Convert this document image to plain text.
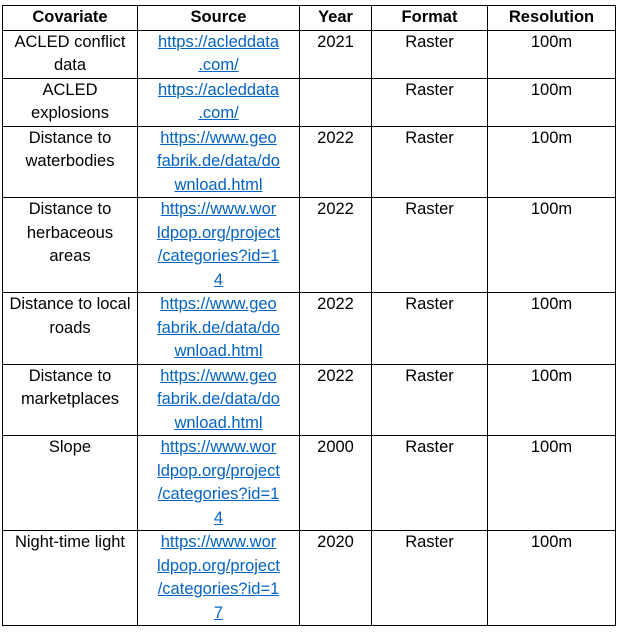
Covariate	Source	Year	Format	Resolution
ACLED conflict data	https://acleddata
.com/	2021	Raster	100m
ACLED explosions	https://acleddata
.com/		Raster	100m
Distance to waterbodies	https://www.geo
fabrik.de/data/do
wnload.html	2022	Raster	100m
Distance to herbaceous areas	https://www.wor
ldpop.org/project
/categories?id=1
4	2022	Raster	100m
Distance to local roads	https://www.geo
fabrik.de/data/do
wnload.html	2022	Raster	100m
Distance to marketplaces	https://www.geo
fabrik.de/data/do
wnload.html	2022	Raster	100m
Slope	https://www.wor
ldpop.org/project
/categories?id=1
4	2000	Raster	100m
Night-time light	https://www.wor
ldpop.org/project
/categories?id=1
7	2020	Raster	100m
